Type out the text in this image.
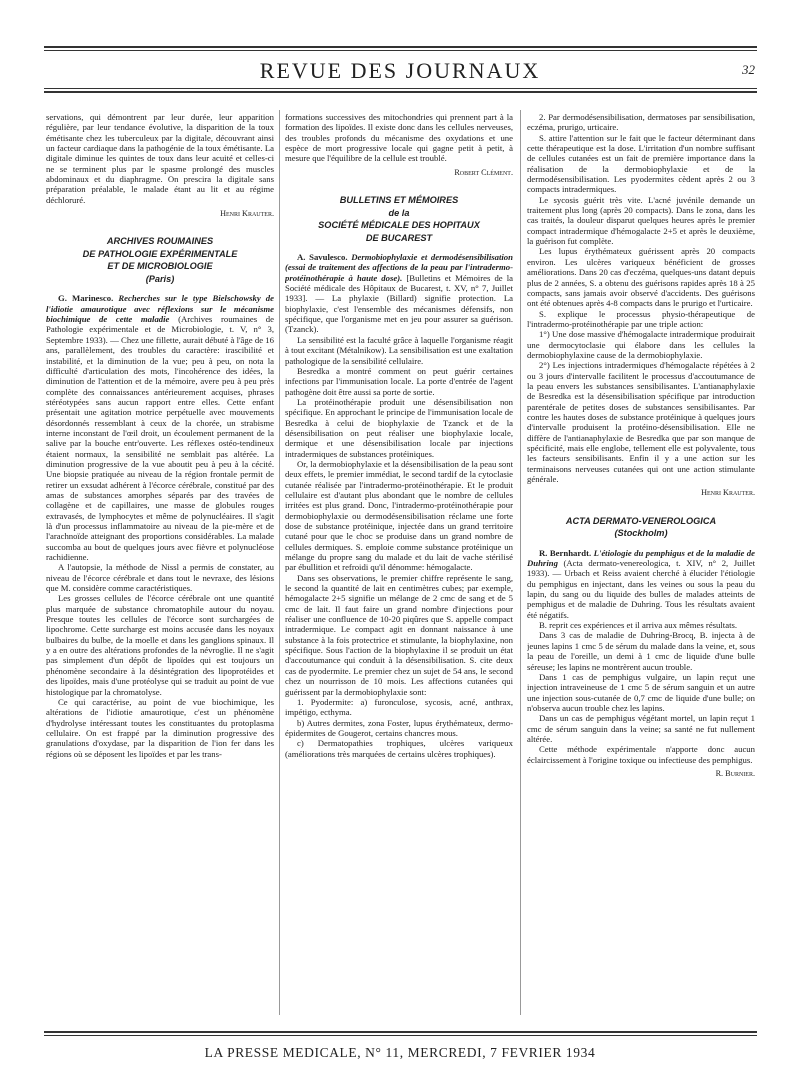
REVUE DES JOURNAUX	32

servations, qui démontrent par leur durée, leur apparition régulière, par leur tendance évolutive, la disparition de la toux émétisante chez les tuberculeux par la digitale, découvrant ainsi un facteur cardiaque dans la pathogénie de la toux émétisante. La digitale diminue les quintes de toux dans leur acuité et celles-ci ne se terminent plus par le spasme prolongé des muscles abdominaux et du diaphragme. On prescira la digitale sans préparation préalable, le malade étant au lit et au régime déchloruré.

Henri Krauter.

ARCHIVES ROUMAINES
DE PATHOLOGIE EXPÉRIMENTALE
ET DE MICROBIOLOGIE
(Paris)

G. Marinesco. Recherches sur le type Bielschowsky de l'idiotie amaurotique avec réflexions sur le mécanisme biochimique de cette maladie (Archives roumaines de Pathologie expérimentale et de Microbiologie, t. V, n° 3, Septembre 1933). — Chez une fillette, aurait débuté à l'âge de 16 ans, parallèlement, des troubles du caractère: irascibilité et instabilité, et la diminution de la vue; peu à peu, on nota la difficulté d'articulation des mots, l'incohérence des idées, la diminution de l'attention et de la mémoire, avere peu à peu près complète des connaissances antérieurement acquises, phrases stéréotypées sans aucun rapport entre elles. Cette enfant présentait une agitation motrice perpétuelle avec mouvements désordonnés ressemblant à ceux de la chorée, un strabisme interne inconstant de l'œil droit, un écoulement permanent de la salive par la bouche entr'ouverte. Les réflexes ostéo-tendineux étaient normaux, la sensibilité ne semblait pas altérée. La diminution progressive de la vue aboutit peu à peu à la cécité. Une biopsie pratiquée au niveau de la région frontale permit de retirer un exsudat adhérent à l'écorce cérébrale, constitué par des amas de substances amorphes séparés par des travées de collagène et de capillaires, une masse de globules rouges extravasés, de lymphocytes et même de polynucléaires. Il s'agit là d'un processus inflammatoire au niveau de la pie-mère et de l'arachnoïde atteignant des proportions considérables. La malade succomba au bout de quelques jours avec fièvre et polynucléose rachidienne.

A l'autopsie, la méthode de Nissl a permis de constater, au niveau de l'écorce cérébrale et dans tout le nevraxe, des lésions que M. considère comme caractéristiques.

Les grosses cellules de l'écorce cérébrale ont une quantité plus marquée de substance chromatophile autour du noyau. Presque toutes les cellules de l'écorce sont surchargées de lipochrome. Cette surcharge est moins accusée dans les noyaux bulbaires du bulbe, de la moelle et dans les ganglions spinaux. Il y a en outre des altérations profondes de la névroglie. Il ne s'agit pas simplement d'un dépôt de lipoïdes qui est toujours un phénomène secondaire à la désintégration des lipoprotéides et des lipoïdes, mais d'une protéolyse qui se traduit au point de vue histologique par la chromatolyse.

Ce qui caractérise, au point de vue biochimique, les altérations de l'idiotie amaurotique, c'est un phénomène d'hydrolyse intéressant toutes les constituantes du protoplasma cellulaire. On est frappé par la diminution progressive des granulations d'oxydase, par la disparition de l'ion fer dans les régions où se déposent les lipoïdes et par les trans-

formations successives des mitochondries qui prennent part à la formation des lipoïdes. Il existe donc dans les cellules nerveuses, des troubles profonds du mécanisme des oxydations et une espèce de mort progressive locale qui gagne petit à petit, à mesure que l'équilibre de la cellule est troublé.

Robert Clément.

BULLETINS ET MÉMOIRES
de la
SOCIÉTÉ MÉDICALE DES HOPITAUX
DE BUCAREST

A. Savulesco. Dermobiophylaxie et dermodésensibilisation (essai de traitement des affections de la peau par l'intradermo-protéinothérapie à haute dose). [Bulletins et Mémoires de la Société médicale des Hôpitaux de Bucarest, t. XV, n° 7, Juillet 1933]. — La phylaxie (Billard) signifie protection. La biophylaxie, c'est l'ensemble des mécanismes défensifs, non spécifique, que l'organisme met en jeu pour assurer sa guérison. (Tzanck).

La sensibilité est la faculté grâce à laquelle l'organisme réagit à tout excitant (Métalnikow). La sensibilisation est une exaltation pathologique de la sensibilité cellulaire.

Besredka a montré comment on peut guérir certaines infections par l'immunisation locale. La porte d'entrée de l'agent pathogène doit être aussi sa porte de sortie.

La protéinothérapie produit une désensibilisation non spécifique. En approchant le principe de l'immunisation locale de Besredka à celui de biophylaxie de Tzanck et de la désensibilisation on peut réaliser une biophylaxie locale, dermique et une désensibilisation locale par injections intradermiques de substances protéiniques.

Or, la dermobiophylaxie et la désensibilisation de la peau sont deux effets, le premier immédiat, le second tardif de la cytoclasie cutanée réalisée par l'intradermo-protéinothérapie. Et le produit cellulaire est d'autant plus abondant que le nombre de cellules irritées est plus grand. Donc, l'intradermo-protéinothérapie pour dermobiophylaxie ou dermodésensibilisation réclame une forte dose de substance protéinique, injectée dans un grand territoire cutané pour que le choc se produise dans un grand nombre de cellules dermiques. S. emploie comme substance protéinique un mélange du propre sang du malade et du lait de vache stérilisé par ébullition et refroidi qu'il dénomme: hémogalacte.

Dans ses observations, le premier chiffre représente le sang, le second la quantité de lait en centimètres cubes; par exemple, hémogalacte 2+5 signifie un mélange de 2 cmc de sang et de 5 cmc de lait. Il faut faire un grand nombre d'injections pour réaliser une confluence de 10-20 piqûres que S. appelle compact intradermique. Le compact agit en donnant naissance à une substance à la fois protectrice et stimulante, la biophylaxine, non spécifique. Sous l'action de la biophylaxine il se produit un état d'accoutumance qui conduit à la désensibilisation. S. cite deux cas de pyodermite. Le premier chez un sujet de 54 ans, le second chez un nourrisson de 10 mois. Les affections cutanées qui guérissent par la dermobiophylaxie sont:

1. Pyodermite: a) furonculose, sycosis, acné, anthrax, impétigo, ecthyma.

b) Autres dermites, zona Foster, lupus érythémateux, dermo-épidermites de Gougerot, certains chancres mous.

c) Dermatopathies trophiques, ulcères variqueux (améliorations très marquées de certains ulcères trophiques).

2. Par dermodésensibilisation, dermatoses par sensibilisation, eczéma, prurigo, urticaire.

S. attire l'attention sur le fait que le facteur déterminant dans cette thérapeutique est la dose. L'irritation d'un nombre suffisant de cellules cutanées est un fait de première importance dans la réalisation de la dermobiophylaxie et de la dermodésensibilisation. Les pyodermites cèdent après 2 ou 3 compacts intradermiques.

Le sycosis guérit très vite. L'acné juvénile demande un traitement plus long (après 20 compacts). Dans le zona, dans les cas traités, la douleur disparut quelques heures après le premier compact intradermique d'hémogalacte 2+5 et après le deuxième, la guérison fut complète.

Les lupus érythémateux guérissent après 20 compacts environ. Les ulcères variqueux bénéficient de grosses améliorations. Dans 20 cas d'eczéma, quelques-uns datant depuis plus de 2 années, S. a obtenu des guérisons rapides après 18 à 25 compacts, sans jamais avoir observé d'accidents. Des guérisons ont été obtenues après 4-8 compacts dans le prurigo et l'urticaire.

S. explique le processus physio-thérapeutique de l'intradermo-protéinothérapie par une triple action:

1°) Une dose massive d'hémogalacte intradermique produirait une dermocytoclasie qui élabore dans les cellules la dermobiophylaxine cause de la dermobiophylaxie.

2°) Les injections intradermiques d'hémogalacte répétées à 2 ou 3 jours d'intervalle facilitent le processus d'accoutumance de la peau envers les substances sensibilisantes. L'antianaphylaxie de Besredka est la désensibilisation spécifique par introduction parentérale de petites doses de substances sensibilisantes. Par contre les hautes doses de substance protéinique à quelques jours d'intervalle produisent la protéino-désensibilisation. Elle ne diffère de l'antianaphylaxie de Besredka que par son manque de spécificité, mais elle englobe, tellement elle est polyvalente, tous les facteurs sensibilisants. Enfin il y a une action sur les terminaisons nerveuses cutanées qui ont une action stimulante générale.

Henri Krauter.

ACTA DERMATO-VENEROLOGICA
(Stockholm)

R. Bernhardt. L'étiologie du pemphigus et de la maladie de Duhring (Acta dermato-venereologica, t. XIV, n° 2, Juillet 1933). — Urbach et Reiss avaient cherché à élucider l'étiologie du pemphigus en injectant, dans les veines ou sous la peau du lapin, du sang ou du liquide des bulles de malades atteints de pemphigus et de maladie de Duhring. Tous les résultats avaient été négatifs.

B. reprit ces expériences et il arriva aux mêmes résultats.

Dans 3 cas de maladie de Duhring-Brocq, B. injecta à de jeunes lapins 1 cmc 5 de sérum du malade dans la veine, et, sous la peau de l'oreille, un demi à 1 cmc de liquide d'une bulle séreuse; les lapins ne montrèrent aucun trouble.

Dans 1 cas de pemphigus vulgaire, un lapin reçut une injection intraveineuse de 1 cmc 5 de sérum sanguin et un autre une injection sous-cutanée de 0,7 cmc de liquide d'une bulle; on n'observa aucun trouble chez les lapins.

Dans un cas de pemphigus végétant mortel, un lapin reçut 1 cmc de sérum sanguin dans la veine; sa santé ne fut nullement altérée.

Cette méthode expérimentale n'apporte donc aucun éclaircissement à l'origine toxique ou infectieuse des pemphigus.

R. Burnier.

LA PRESSE MEDICALE, N° 11, MERCREDI, 7 FEVRIER 1934
